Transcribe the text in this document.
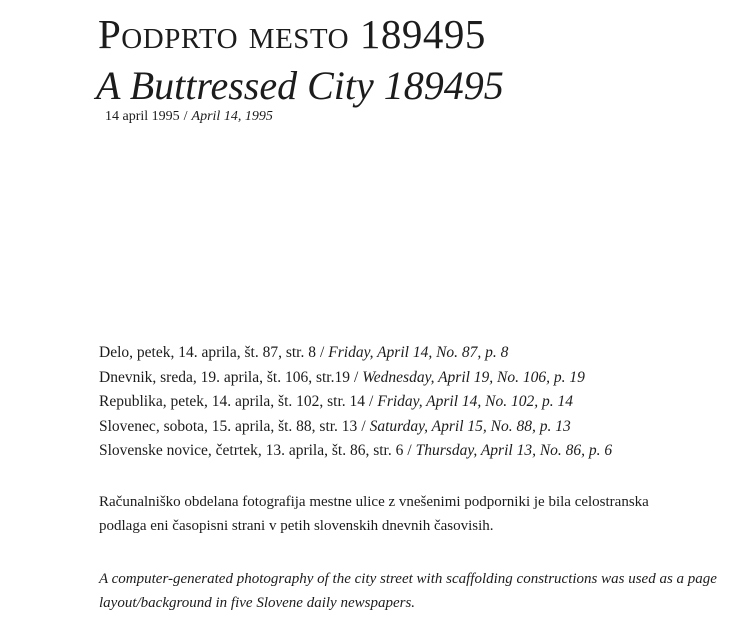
Podprto mesto 189495
A Buttressed City 189495
14 april 1995 / April 14, 1995
Delo, petek, 14. aprila, št. 87, str. 8 / Friday, April 14, No. 87, p. 8
Dnevnik, sreda, 19. aprila, št. 106, str.19 / Wednesday, April 19, No. 106, p. 19
Republika, petek, 14. aprila, št. 102, str. 14 / Friday, April 14, No. 102, p. 14
Slovenec, sobota, 15. aprila, št. 88, str. 13 / Saturday, April 15, No. 88, p. 13
Slovenske novice, četrtek, 13. aprila, št. 86, str. 6 / Thursday, April 13, No. 86, p. 6

Računalniško obdelana fotografija mestne ulice z vnešenimi podporniki je bila celostranska podlaga eni časopisni strani v petih slovenskih dnevnih časovisih.

A computer-generated photography of the city street with scaffolding constructions was used as a page layout/background in five Slovene daily newspapers.
